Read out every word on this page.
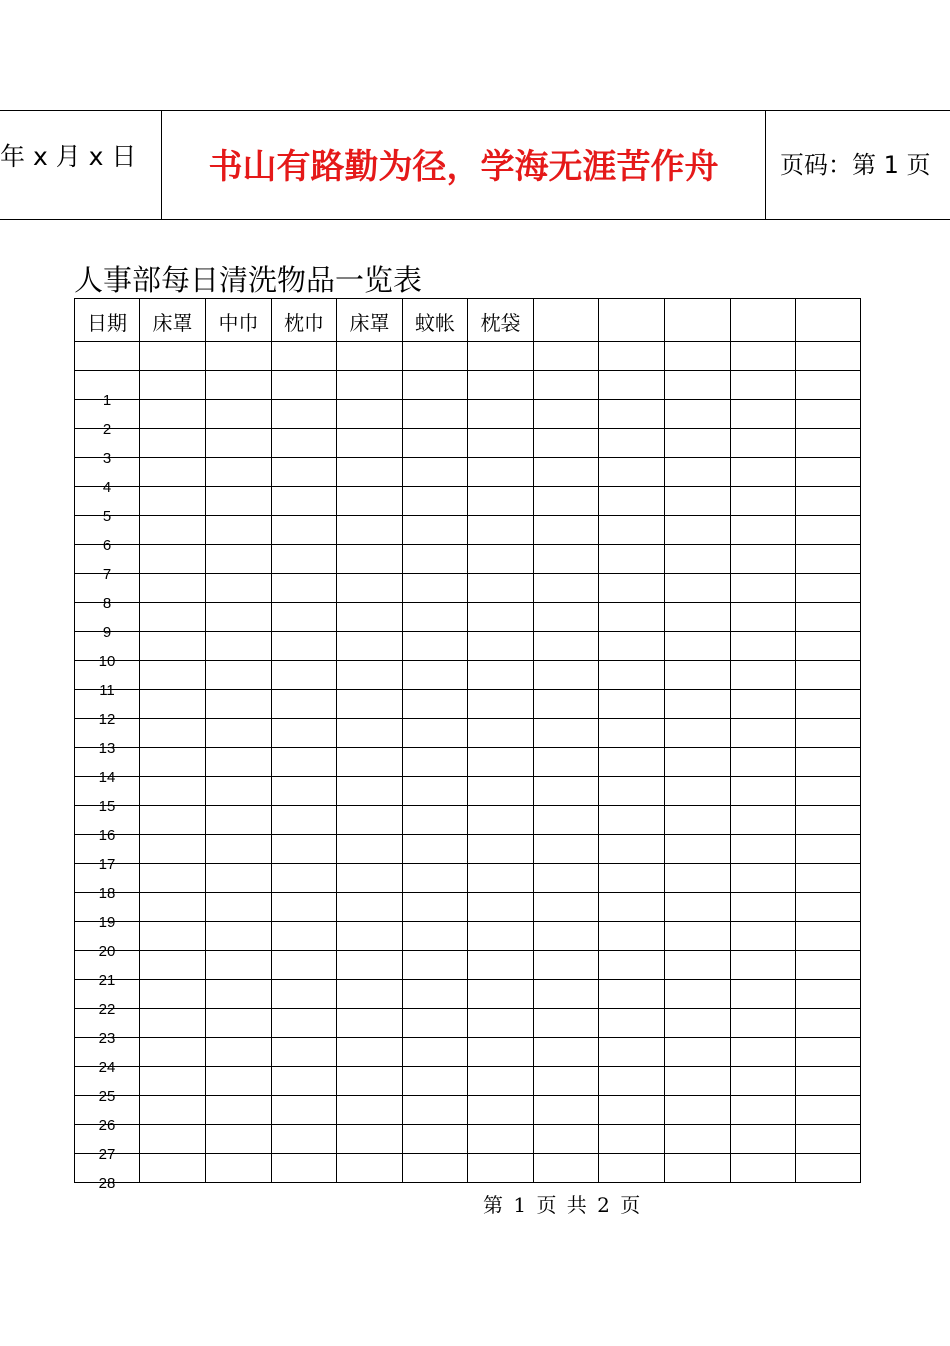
年 x 月 x 日	书山有路勤为径，学海无涯苦作舟	页码：第 1 页
人事部每日清洗物品一览表
日期	床罩	中巾	枕巾	床罩	蚊帐	枕袋					

1											

2											

3											

4											

5											

6											

7											

8											

9											

10											

11											

12											

13											

14											

15											

16											

17											

18											

19											

20											

21											

22											

23											

24											

25											

26											

27											

28											

第 1 页 共 2 页
